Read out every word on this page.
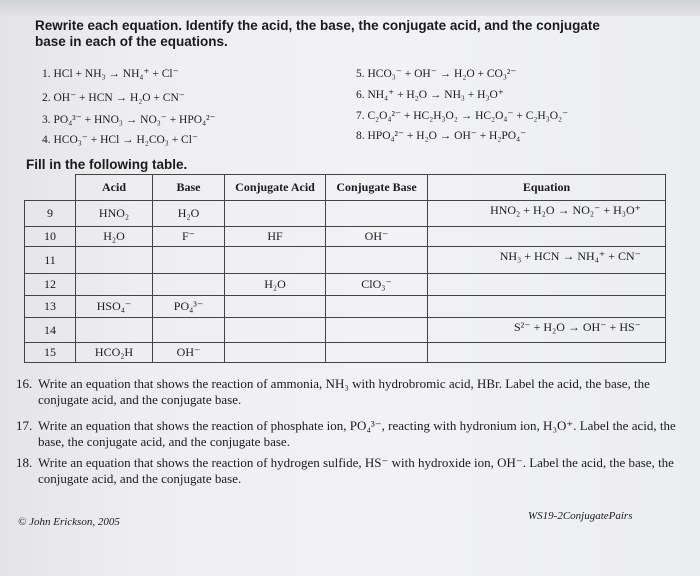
Rewrite each equation. Identify the acid, the base, the conjugate acid, and the conjugate
base in each of the equations.
1. HCl + NH₃ → NH₄⁺ + Cl⁻
2. OH⁻ + HCN → H₂O + CN⁻
3. PO₄³⁻ + HNO₃ → NO₃⁻ + HPO₄²⁻
4. HCO₃⁻ + HCl → H₂CO₃ + Cl⁻
5. HCO₃⁻ + OH⁻ → H₂O + CO₃²⁻
6. NH₄⁺ + H₂O → NH₃ + H₃O⁺
7. C₂O₄²⁻ + HC₂H₃O₂ → HC₂O₄⁻ + C₂H₃O₂⁻
8. HPO₄²⁻ + H₂O → OH⁻ + H₂PO₄⁻
Fill in the following table.
	Acid	Base	Conjugate Acid	Conjugate Base	Equation
9	HNO₂	H₂O			HNO₂ + H₂O → NO₂⁻ + H₃O⁺
10	H₂O	F⁻	HF	OH⁻	
11					NH₃ + HCN → NH₄⁺ + CN⁻
12			H₂O	ClO₃⁻	
13	HSO₄⁻	PO₄³⁻			
14					S²⁻ + H₂O → OH⁻ + HS⁻
15	HCO₂H	OH⁻			
16. Write an equation that shows the reaction of ammonia, NH₃ with hydrobromic acid, HBr. Label the acid, the base, the conjugate acid, and the conjugate base.
17. Write an equation that shows the reaction of phosphate ion, PO₄³⁻, reacting with hydronium ion, H₃O⁺. Label the acid, the base, the conjugate acid, and the conjugate base.
18. Write an equation that shows the reaction of hydrogen sulfide, HS⁻ with hydroxide ion, OH⁻. Label the acid, the base, the conjugate acid, and the conjugate base.
© John Erickson, 2005	WS19-2ConjugatePairs
